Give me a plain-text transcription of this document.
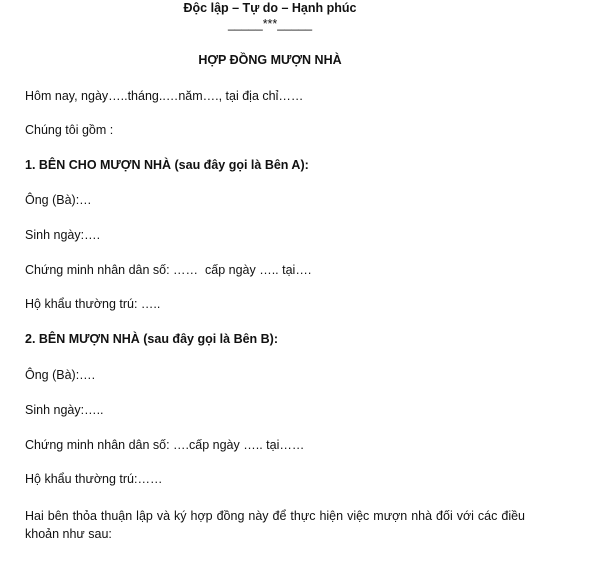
Độc lập – Tự do – Hạnh phúc
_____***_____
HỢP ĐỒNG MƯỢN NHÀ
Hôm nay, ngày…..tháng..…năm…., tại địa chỉ……
Chúng tôi gồm :
1. BÊN CHO MƯỢN NHÀ (sau đây gọi là Bên A):
Ông (Bà):…
Sinh ngày:….
Chứng minh nhân dân số: ……  cấp ngày ….. tại….
Hộ khẩu thường trú: …..
2. BÊN MƯỢN NHÀ (sau đây gọi là Bên B):
Ông (Bà):….
Sinh ngày:…..
Chứng minh nhân dân số: ….cấp ngày ….. tại……
Hộ khẩu thường trú:……
Hai bên thỏa thuận lập và ký hợp đồng này để thực hiện việc mượn nhà đối với các điều khoản như sau:
